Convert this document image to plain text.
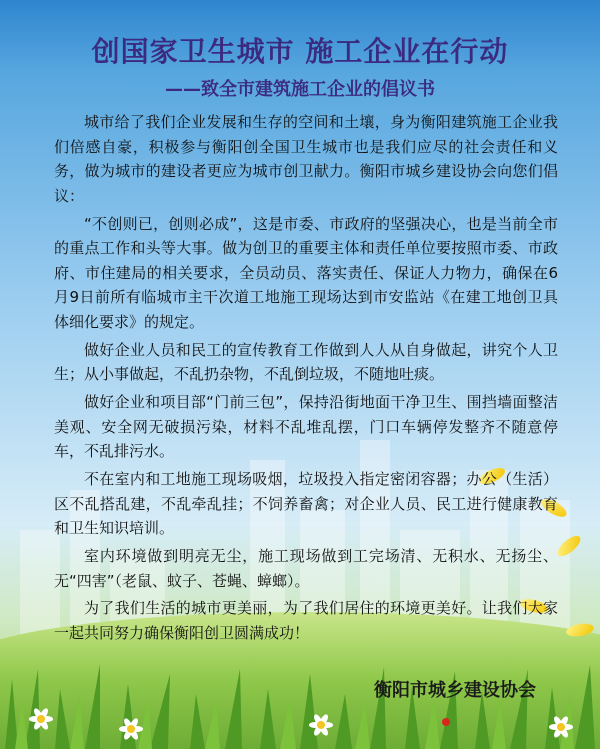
创国家卫生城市 施工企业在行动
——致全市建筑施工企业的倡议书

城市给了我们企业发展和生存的空间和土壤，身为衡阳建筑施工企业我们倍感自豪，积极参与衡阳创全国卫生城市也是我们应尽的社会责任和义务，做为城市的建设者更应为城市创卫献力。衡阳市城乡建设协会向您们倡议：

“不创则已，创则必成”，这是市委、市政府的坚强决心，也是当前全市的重点工作和头等大事。做为创卫的重要主体和责任单位要按照市委、市政府、市住建局的相关要求，全员动员、落实责任、保证人力物力，确保在6月9日前所有临城市主干次道工地施工现场达到市安监站《在建工地创卫具体细化要求》的规定。

做好企业人员和民工的宣传教育工作做到人人从自身做起，讲究个人卫生；从小事做起，不乱扔杂物，不乱倒垃圾，不随地吐痰。

做好企业和项目部“门前三包”，保持沿街地面干净卫生、围挡墙面整洁美观、安全网无破损污染，材料不乱堆乱摆，门口车辆停发整齐不随意停车，不乱排污水。

不在室内和工地施工现场吸烟，垃圾投入指定密闭容器；办公（生活）区不乱搭乱建，不乱牵乱挂；不饲养畜禽；对企业人员、民工进行健康教育和卫生知识培训。

室内环境做到明亮无尘，施工现场做到工完场清、无积水、无扬尘、无“四害”（老鼠、蚊子、苍蝇、蟑螂）。

为了我们生活的城市更美丽，为了我们居住的环境更美好。让我们大家一起共同努力确保衡阳创卫圆满成功！

衡阳市城乡建设协会
